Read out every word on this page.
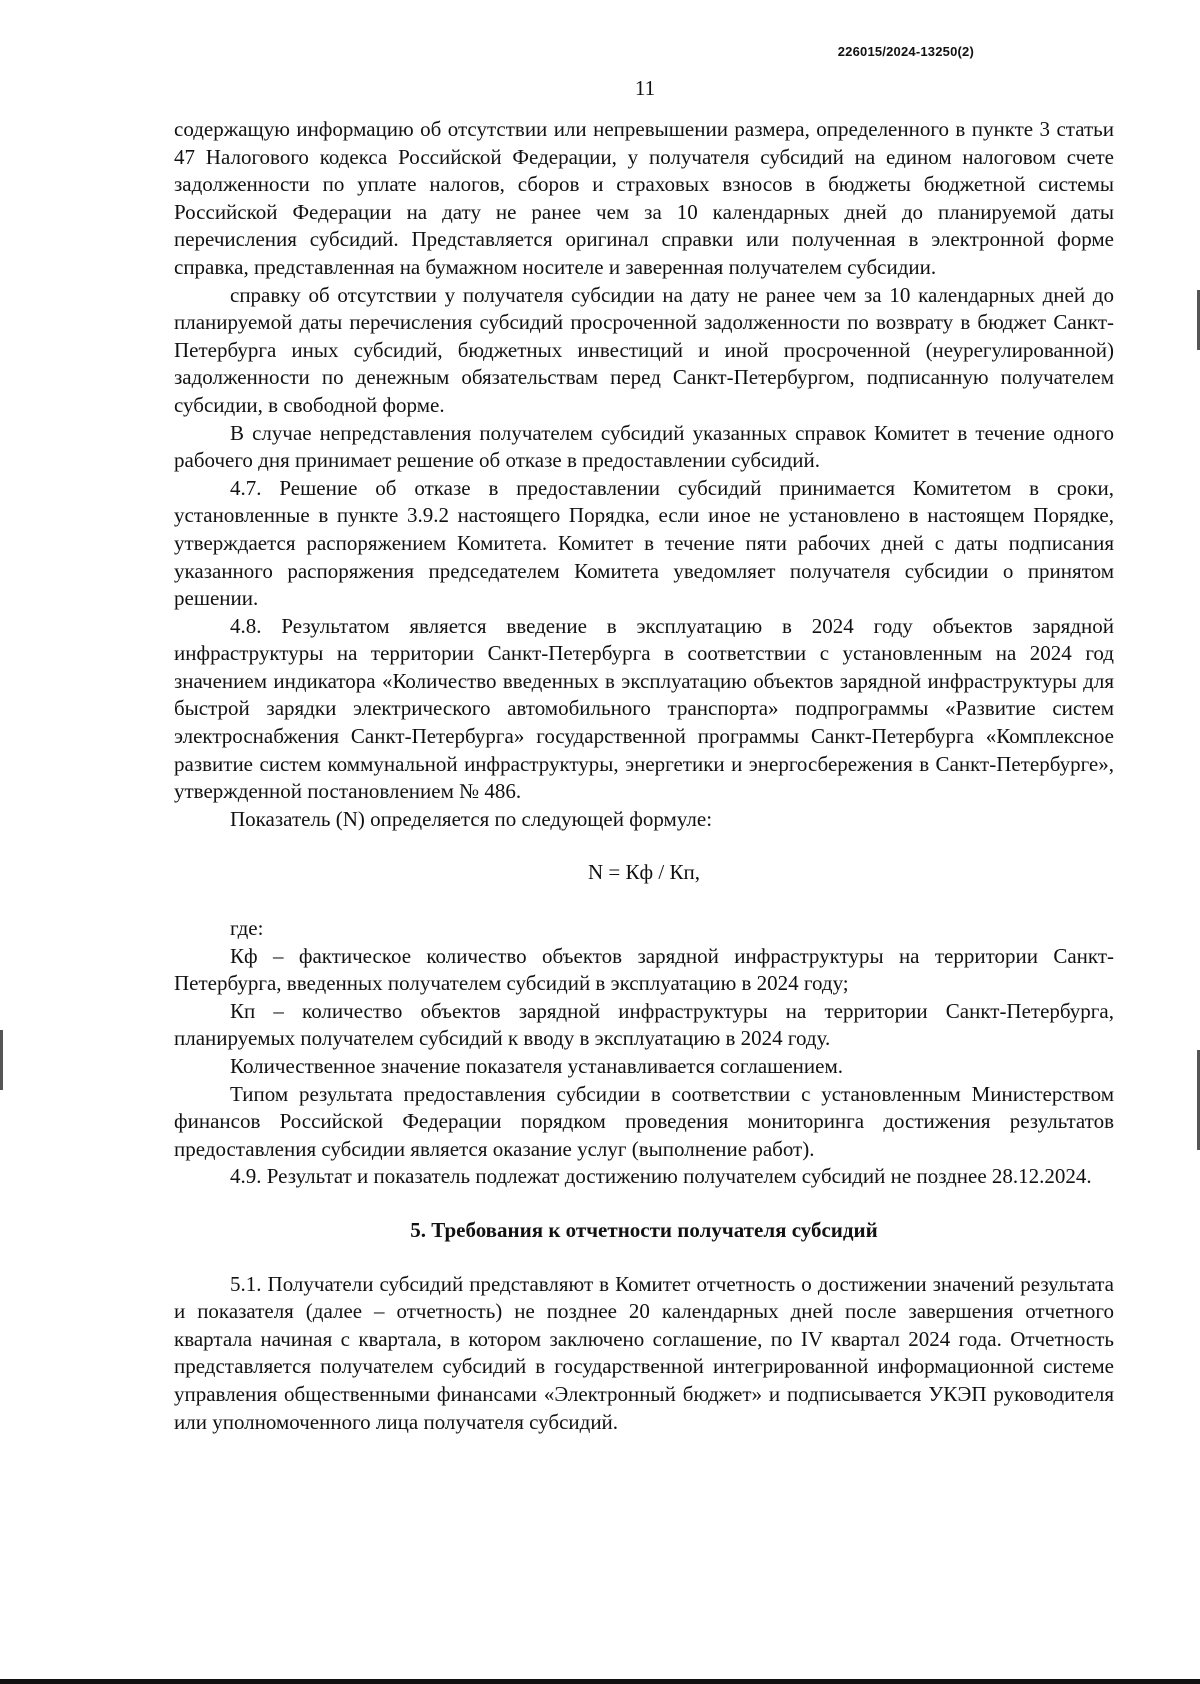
226015/2024-13250(2)
11

содержащую информацию об отсутствии или непревышении размера, определенного в пункте 3 статьи 47 Налогового кодекса Российской Федерации, у получателя субсидий на едином налоговом счете задолженности по уплате налогов, сборов и страховых взносов в бюджеты бюджетной системы Российской Федерации на дату не ранее чем за 10 календарных дней до планируемой даты перечисления субсидий. Представляется оригинал справки или полученная в электронной форме справка, представленная на бумажном носителе и заверенная получателем субсидии.

справку об отсутствии у получателя субсидии на дату не ранее чем за 10 календарных дней до планируемой даты перечисления субсидий просроченной задолженности по возврату в бюджет Санкт-Петербурга иных субсидий, бюджетных инвестиций и иной просроченной (неурегулированной) задолженности по денежным обязательствам перед Санкт-Петербургом, подписанную получателем субсидии, в свободной форме.

В случае непредставления получателем субсидий указанных справок Комитет в течение одного рабочего дня принимает решение об отказе в предоставлении субсидий.

4.7. Решение об отказе в предоставлении субсидий принимается Комитетом в сроки, установленные в пункте 3.9.2 настоящего Порядка, если иное не установлено в настоящем Порядке, утверждается распоряжением Комитета. Комитет в течение пяти рабочих дней с даты подписания указанного распоряжения председателем Комитета уведомляет получателя субсидии о принятом решении.

4.8. Результатом является введение в эксплуатацию в 2024 году объектов зарядной инфраструктуры на территории Санкт-Петербурга в соответствии с установленным на 2024 год значением индикатора «Количество введенных в эксплуатацию объектов зарядной инфраструктуры для быстрой зарядки электрического автомобильного транспорта» подпрограммы «Развитие систем электроснабжения Санкт-Петербурга» государственной программы Санкт-Петербурга «Комплексное развитие систем коммунальной инфраструктуры, энергетики и энергосбережения в Санкт-Петербурге», утвержденной постановлением № 486.

Показатель (N) определяется по следующей формуле:

N = Кф / Кп,
где:

Кф – фактическое количество объектов зарядной инфраструктуры на территории Санкт-Петербурга, введенных получателем субсидий в эксплуатацию в 2024 году;

Кп – количество объектов зарядной инфраструктуры на территории Санкт-Петербурга, планируемых получателем субсидий к вводу в эксплуатацию в 2024 году.

Количественное значение показателя устанавливается соглашением.

Типом результата предоставления субсидии в соответствии с установленным Министерством финансов Российской Федерации порядком проведения мониторинга достижения результатов предоставления субсидии является оказание услуг (выполнение работ).

4.9. Результат и показатель подлежат достижению получателем субсидий не позднее 28.12.2024.

5. Требования к отчетности получателя субсидий

5.1. Получатели субсидий представляют в Комитет отчетность о достижении значений результата и показателя (далее – отчетность) не позднее 20 календарных дней после завершения отчетного квартала начиная с квартала, в котором заключено соглашение, по IV квартал 2024 года. Отчетность представляется получателем субсидий в государственной интегрированной информационной системе управления общественными финансами «Электронный бюджет» и подписывается УКЭП руководителя или уполномоченного лица получателя субсидий.
